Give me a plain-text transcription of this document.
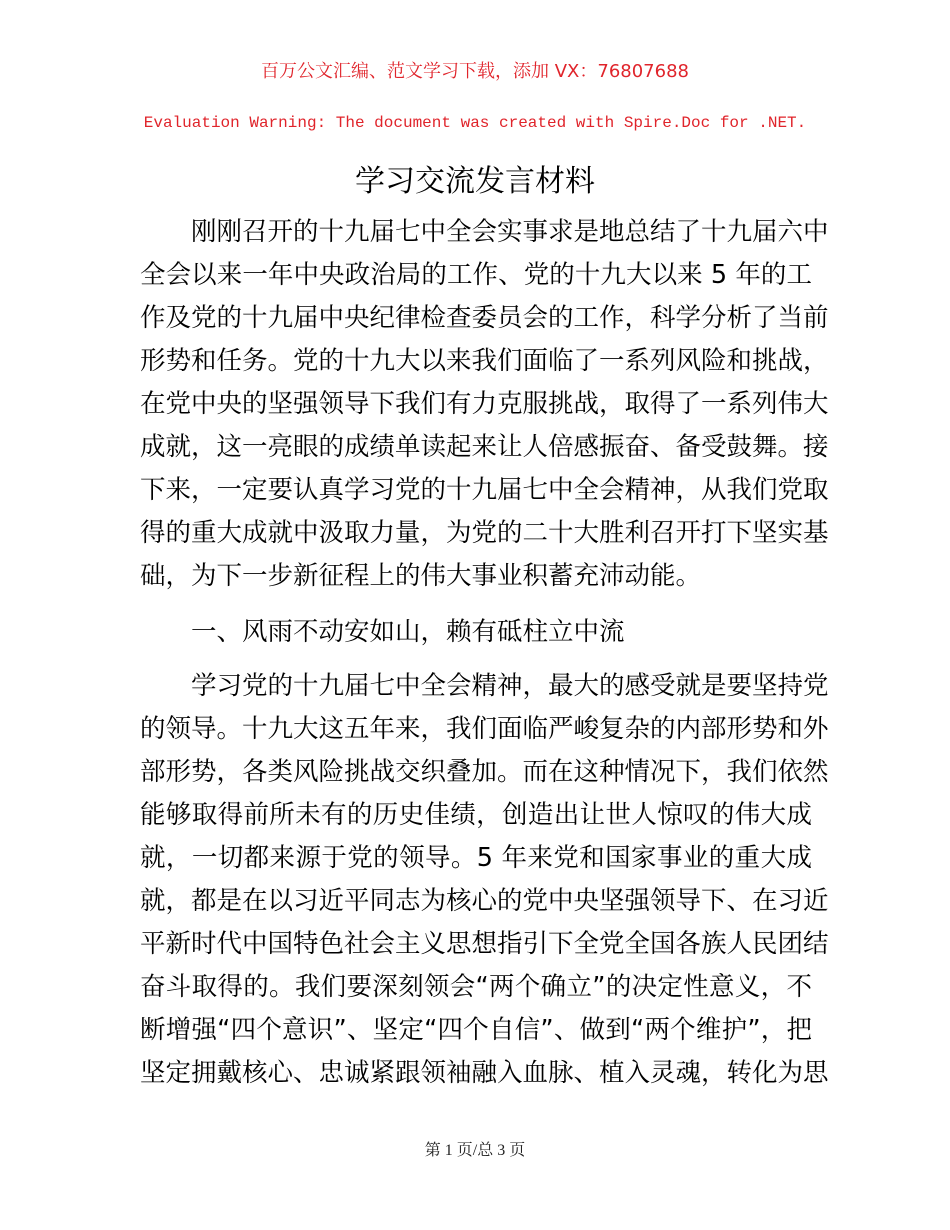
百万公文汇编、范文学习下载，添加 VX：76807688
Evaluation Warning: The document was created with Spire.Doc for .NET.
学习交流发言材料
刚刚召开的十九届七中全会实事求是地总结了十九届六中
全会以来一年中央政治局的工作、党的十九大以来 5 年的工
作及党的十九届中央纪律检查委员会的工作，科学分析了当前
形势和任务。党的十九大以来我们面临了一系列风险和挑战，
在党中央的坚强领导下我们有力克服挑战，取得了一系列伟大
成就，这一亮眼的成绩单读起来让人倍感振奋、备受鼓舞。接
下来，一定要认真学习党的十九届七中全会精神，从我们党取
得的重大成就中汲取力量，为党的二十大胜利召开打下坚实基
础，为下一步新征程上的伟大事业积蓄充沛动能。
一、风雨不动安如山，赖有砥柱立中流
学习党的十九届七中全会精神，最大的感受就是要坚持党
的领导。十九大这五年来，我们面临严峻复杂的内部形势和外
部形势，各类风险挑战交织叠加。而在这种情况下，我们依然
能够取得前所未有的历史佳绩，创造出让世人惊叹的伟大成
就，一切都来源于党的领导。5 年来党和国家事业的重大成
就，都是在以习近平同志为核心的党中央坚强领导下、在习近
平新时代中国特色社会主义思想指引下全党全国各族人民团结
奋斗取得的。我们要深刻领会“两个确立”的决定性意义，不
断增强“四个意识”、坚定“四个自信”、做到“两个维护”，把
坚定拥戴核心、忠诚紧跟领袖融入血脉、植入灵魂，转化为思
第 1 页/总 3 页
